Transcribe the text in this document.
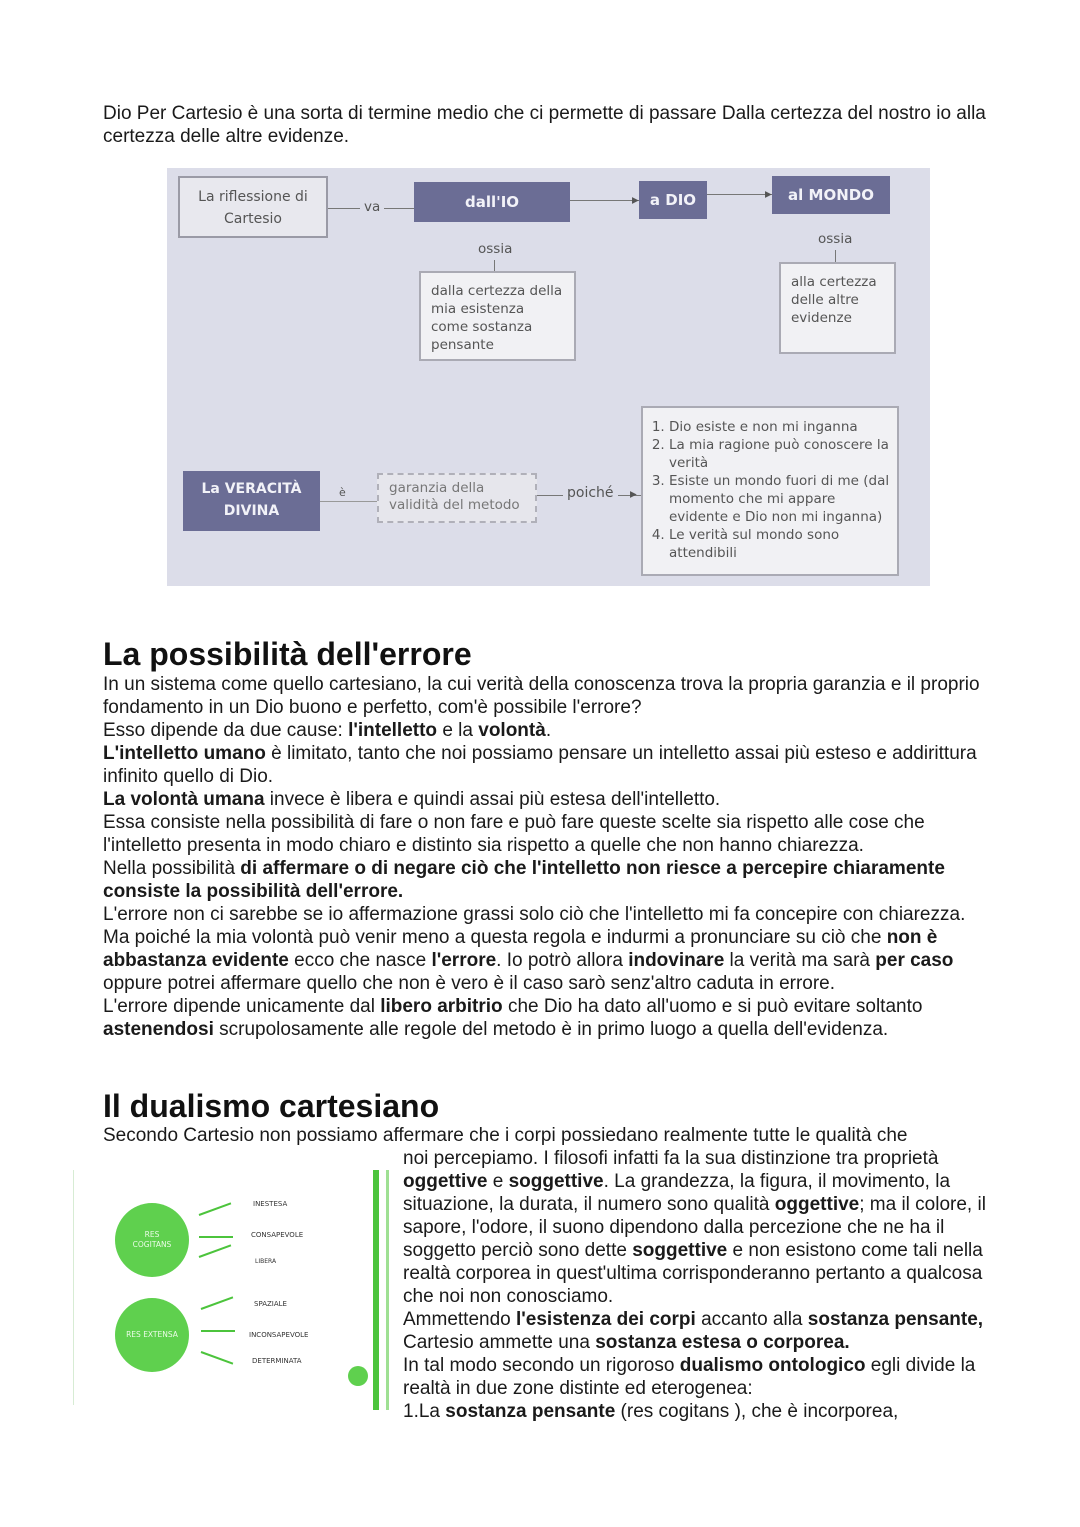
Dio Per Cartesio è una sorta di termine medio che ci permette di passare Dalla certezza del nostro io alla certezza delle altre evidenze.
La riflessione di Cartesio
va	dall'IO	▸ a DIO	▸	al MONDO
ossia
ossia
dalla certezza della mia esistenza come sostanza pensante
alla certezza delle altre evidenze
La VERACITÀ DIVINA
è	garanzia della validità del metodo
poiché ▸
1. Dio esiste e non mi inganna
2. La mia ragione può conoscere la verità
3. Esiste un mondo fuori di me (dal momento che mi appare evidente e Dio non mi inganna)
4. Le verità sul mondo sono attendibili
La possibilità dell'errore
In un sistema come quello cartesiano, la cui verità della conoscenza trova la propria garanzia e il proprio fondamento in un Dio buono e perfetto, com'è possibile l'errore?
Esso dipende da due cause: l'intelletto e la volontà.
L'intelletto umano è limitato, tanto che noi possiamo pensare un intelletto assai più esteso e addirittura infinito quello di Dio.
La volontà umana invece è libera e quindi assai più estesa dell'intelletto.
Essa consiste nella possibilità di fare o non fare e può fare queste scelte sia rispetto alle cose che l'intelletto presenta in modo chiaro e distinto sia rispetto a quelle che non hanno chiarezza.
Nella possibilità di affermare o di negare ciò che l'intelletto non riesce a percepire chiaramente consiste la possibilità dell'errore.
L'errore non ci sarebbe se io affermazione grassi solo ciò che l'intelletto mi fa concepire con chiarezza.
Ma poiché la mia volontà può venir meno a questa regola e indurmi a pronunciare su ciò che non è abbastanza evidente ecco che nasce l'errore. Io potrò allora indovinare la verità ma sarà per caso oppure potrei affermare quello che non è vero è il caso sarò senz'altro caduta in errore.
L'errore dipende unicamente dal libero arbitrio che Dio ha dato all'uomo e si può evitare soltanto astenendosi scrupolosamente alle regole del metodo è in primo luogo a quella dell'evidenza.
Il dualismo cartesiano
Secondo Cartesio non possiamo affermare che i corpi possiedano realmente tutte le qualità che
noi percepiamo. I filosofi infatti fa la sua distinzione tra proprietà oggettive e soggettive. La grandezza, la figura, il movimento, la situazione, la durata, il numero sono qualità oggettive; ma il colore, il sapore, l'odore, il suono dipendono dalla percezione che ne ha il soggetto perciò sono dette soggettive e non esistono come tali nella realtà corporea in quest'ultima corrisponderanno pertanto a qualcosa che noi non conosciamo.
Ammettendo l'esistenza dei corpi accanto alla sostanza pensante, Cartesio ammette una sostanza estesa o corporea.
In tal modo secondo un rigoroso dualismo ontologico egli divide la realtà in due zone distinte ed eterogenea:
1.La sostanza pensante (res cogitans ), che è incorporea,
RES COGITANS
INESTESA
CONSAPEVOLE
LIBERA
RES EXTENSA
SPAZIALE
INCONSAPEVOLE
DETERMINATA
